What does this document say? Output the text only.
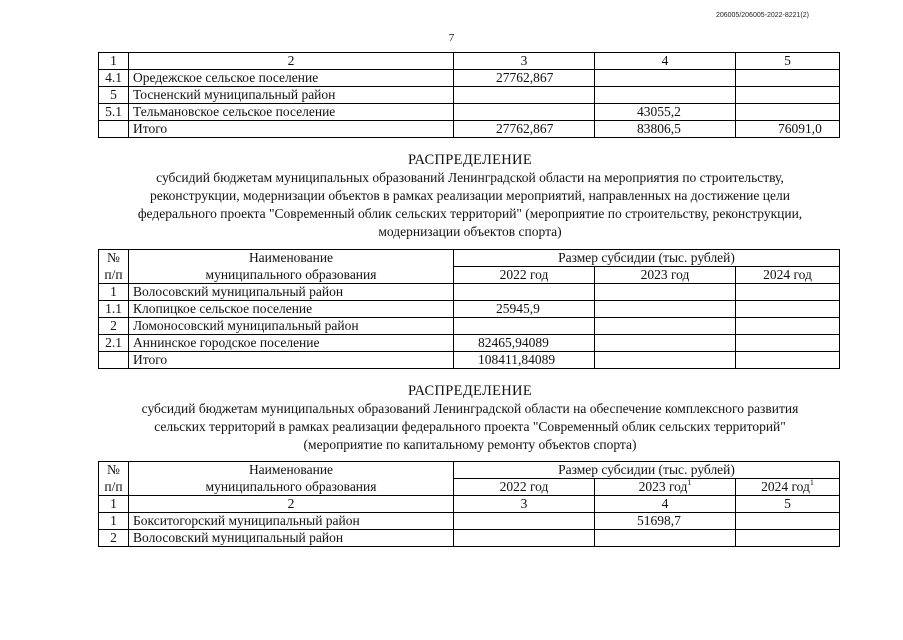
206005/206005-2022-8221(2)
7
1	2	3	4	5
4.1	Оредежское сельское поселение	27762,867		
5	Тосненский муниципальный район			
5.1	Тельмановское сельское поселение		43055,2	
	Итого	27762,867	83806,5	76091,0
РАСПРЕДЕЛЕНИЕ
субсидий бюджетам муниципальных образований Ленинградской области на мероприятия по строительству,
реконструкции, модернизации объектов в рамках реализации мероприятий, направленных на достижение цели
федерального проекта "Современный облик сельских территорий" (мероприятие по строительству, реконструкции,
модернизации объектов спорта)
№	Наименование	Размер субсидии (тыс. рублей)		
п/п	муниципального образования	2022 год	2023 год	2024 год
1	Волосовский муниципальный район			
1.1	Клопицкое сельское поселение	25945,9		
2	Ломоносовский муниципальный район			
2.1	Аннинское городское поселение	82465,94089		
	Итого	108411,84089		
РАСПРЕДЕЛЕНИЕ
субсидий бюджетам муниципальных образований Ленинградской области на обеспечение комплексного развития
сельских территорий в рамках реализации федерального проекта "Современный облик сельских территорий"
(мероприятие по капитальному ремонту объектов спорта)
№	Наименование	Размер субсидии (тыс. рублей)		
п/п	муниципального образования	2022 год	2023 год$^1$	2024 год$^1$
1	2	3	4	5
1	Бокситогорский муниципальный район		51698,7	
2	Волосовский муниципальный район			
